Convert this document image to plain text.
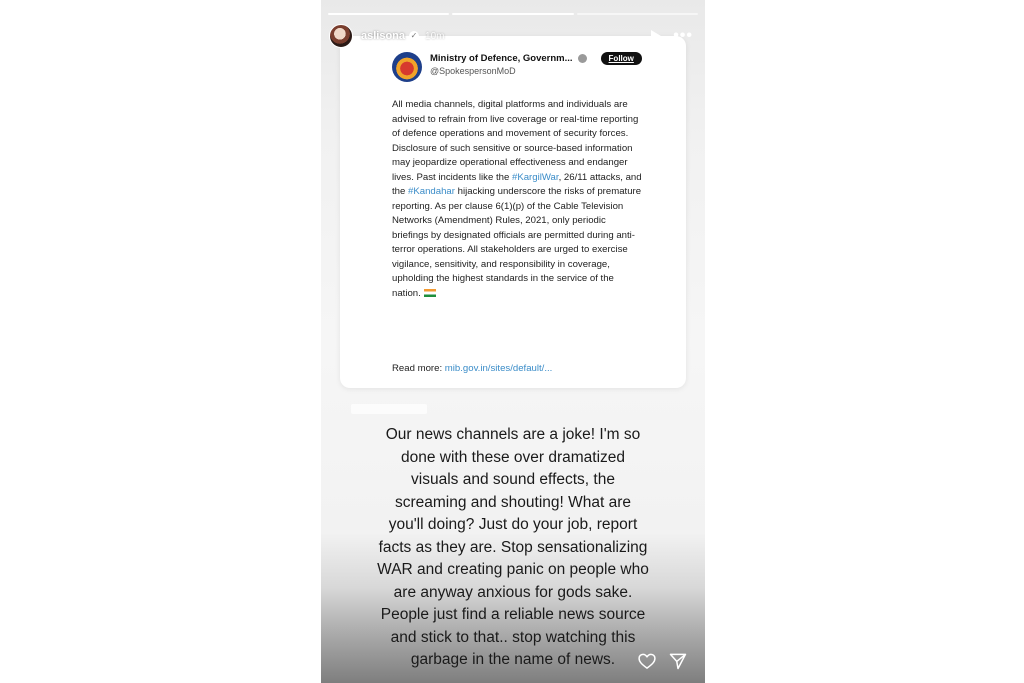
Ministry of Defence, Governm...	Follow
@SpokespersonMoD
All media channels, digital platforms and individuals are advised to refrain from live coverage or real-time reporting of defence operations and movement of security forces. Disclosure of such sensitive or source-based information may jeopardize operational effectiveness and endanger lives. Past incidents like the #KargilWar, 26/11 attacks, and the #Kandahar hijacking underscore the risks of premature reporting. As per clause 6(1)(p) of the Cable Television Networks (Amendment) Rules, 2021, only periodic briefings by designated officials are permitted during anti-terror operations. All stakeholders are urged to exercise vigilance, sensitivity, and responsibility in coverage, upholding the highest standards in the service of the nation.
Read more: mib.gov.in/sites/default/...
aslisona ✓ 10m	•••
Our news channels are a joke! I'm so
done with these over dramatized
visuals and sound effects, the
screaming and shouting! What are
you'll doing? Just do your job, report
facts as they are. Stop sensationalizing
WAR and creating panic on people who
are anyway anxious for gods sake.
People just find a reliable news source
and stick to that.. stop watching this
garbage in the name of news.
